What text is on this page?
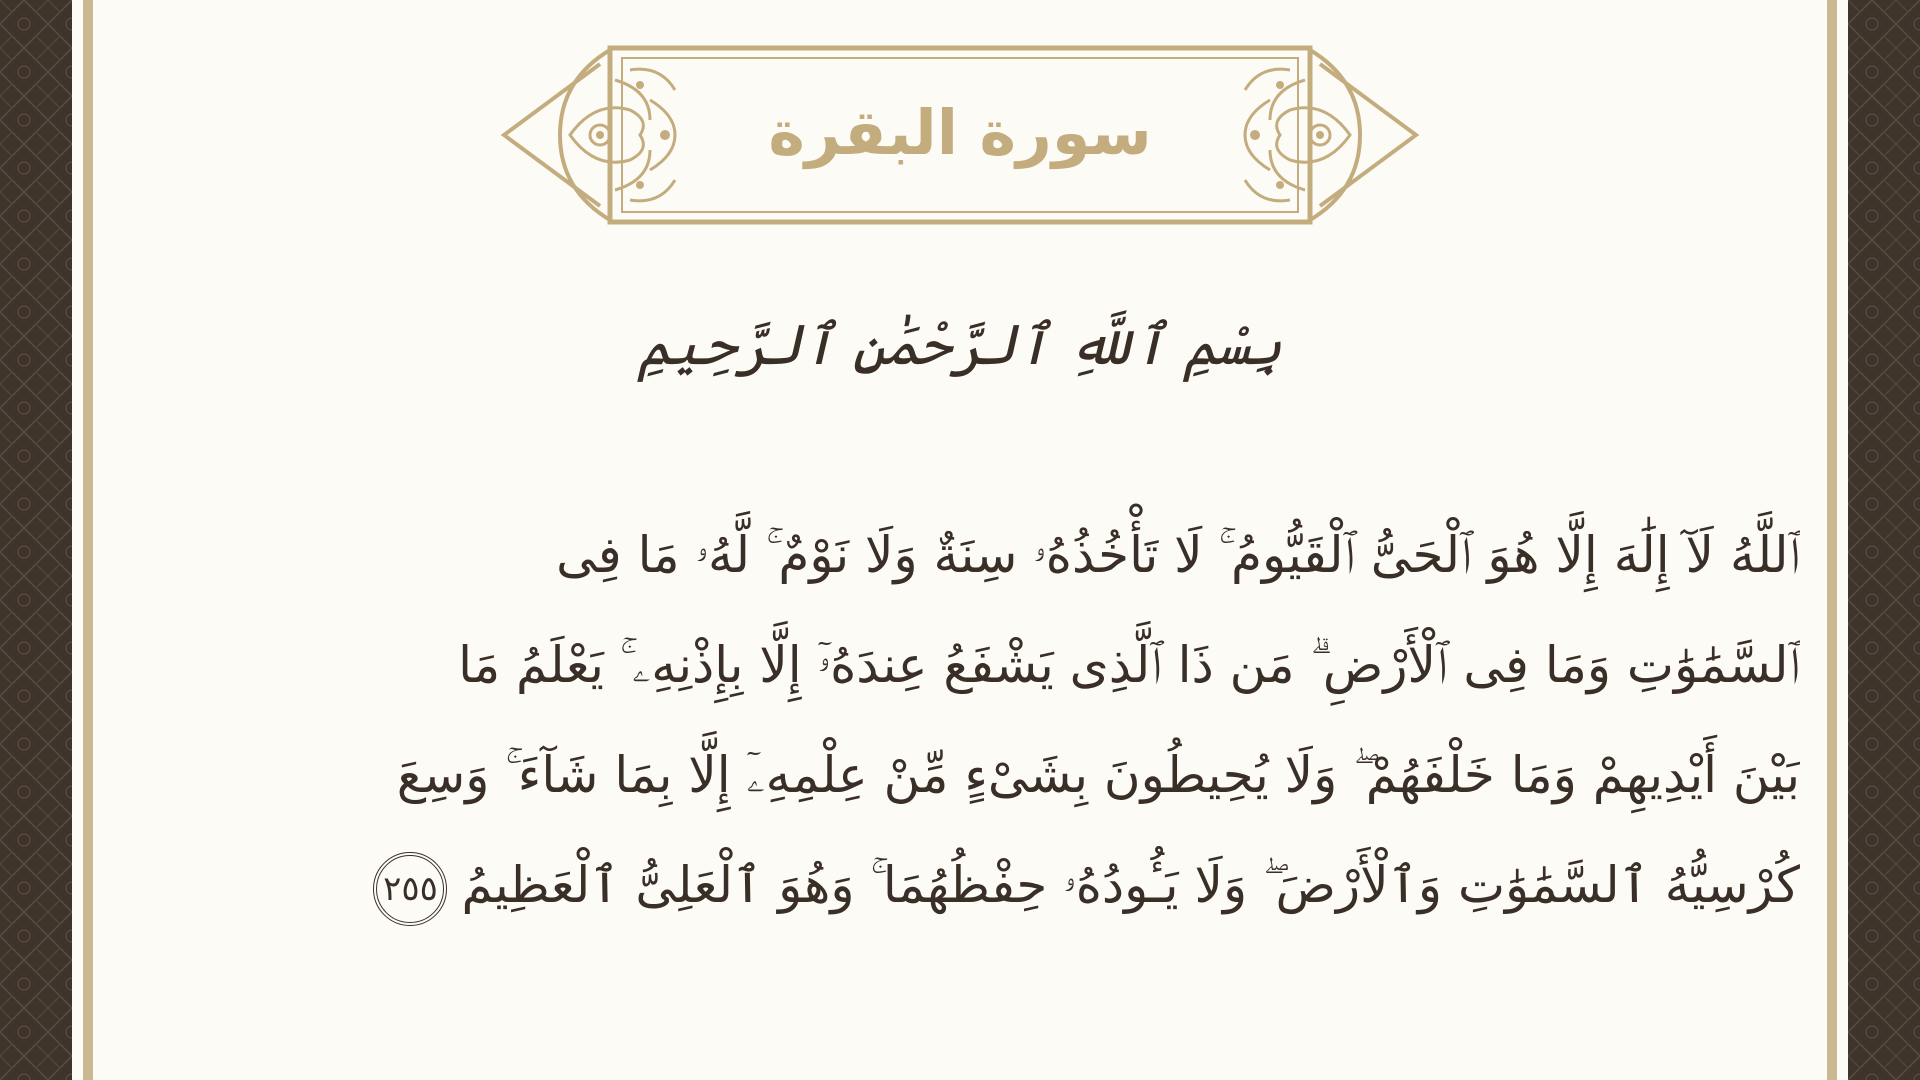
سورة البقرة
بِسْمِ ٱللَّهِ ٱلرَّحْمَٰنِ ٱلرَّحِيمِ
ٱللَّهُ لَآ إِلَٰهَ إِلَّا هُوَ ٱلْحَىُّ ٱلْقَيُّومُ ۚ لَا تَأْخُذُهُۥ سِنَةٌ وَلَا نَوْمٌ ۚ لَّهُۥ مَا فِى
ٱلسَّمَٰوَٰتِ وَمَا فِى ٱلْأَرْضِ ۗ مَن ذَا ٱلَّذِى يَشْفَعُ عِندَهُۥٓ إِلَّا بِإِذْنِهِۦ ۚ يَعْلَمُ مَا
بَيْنَ أَيْدِيهِمْ وَمَا خَلْفَهُمْ ۖ وَلَا يُحِيطُونَ بِشَىْءٍ مِّنْ عِلْمِهِۦٓ إِلَّا بِمَا شَآءَ ۚ وَسِعَ
كُرْسِيُّهُ ٱلسَّمَٰوَٰتِ وَٱلْأَرْضَ ۖ وَلَا يَـُٔودُهُۥ حِفْظُهُمَا ۚ وَهُوَ ٱلْعَلِىُّ ٱلْعَظِيمُ٢٥٥
